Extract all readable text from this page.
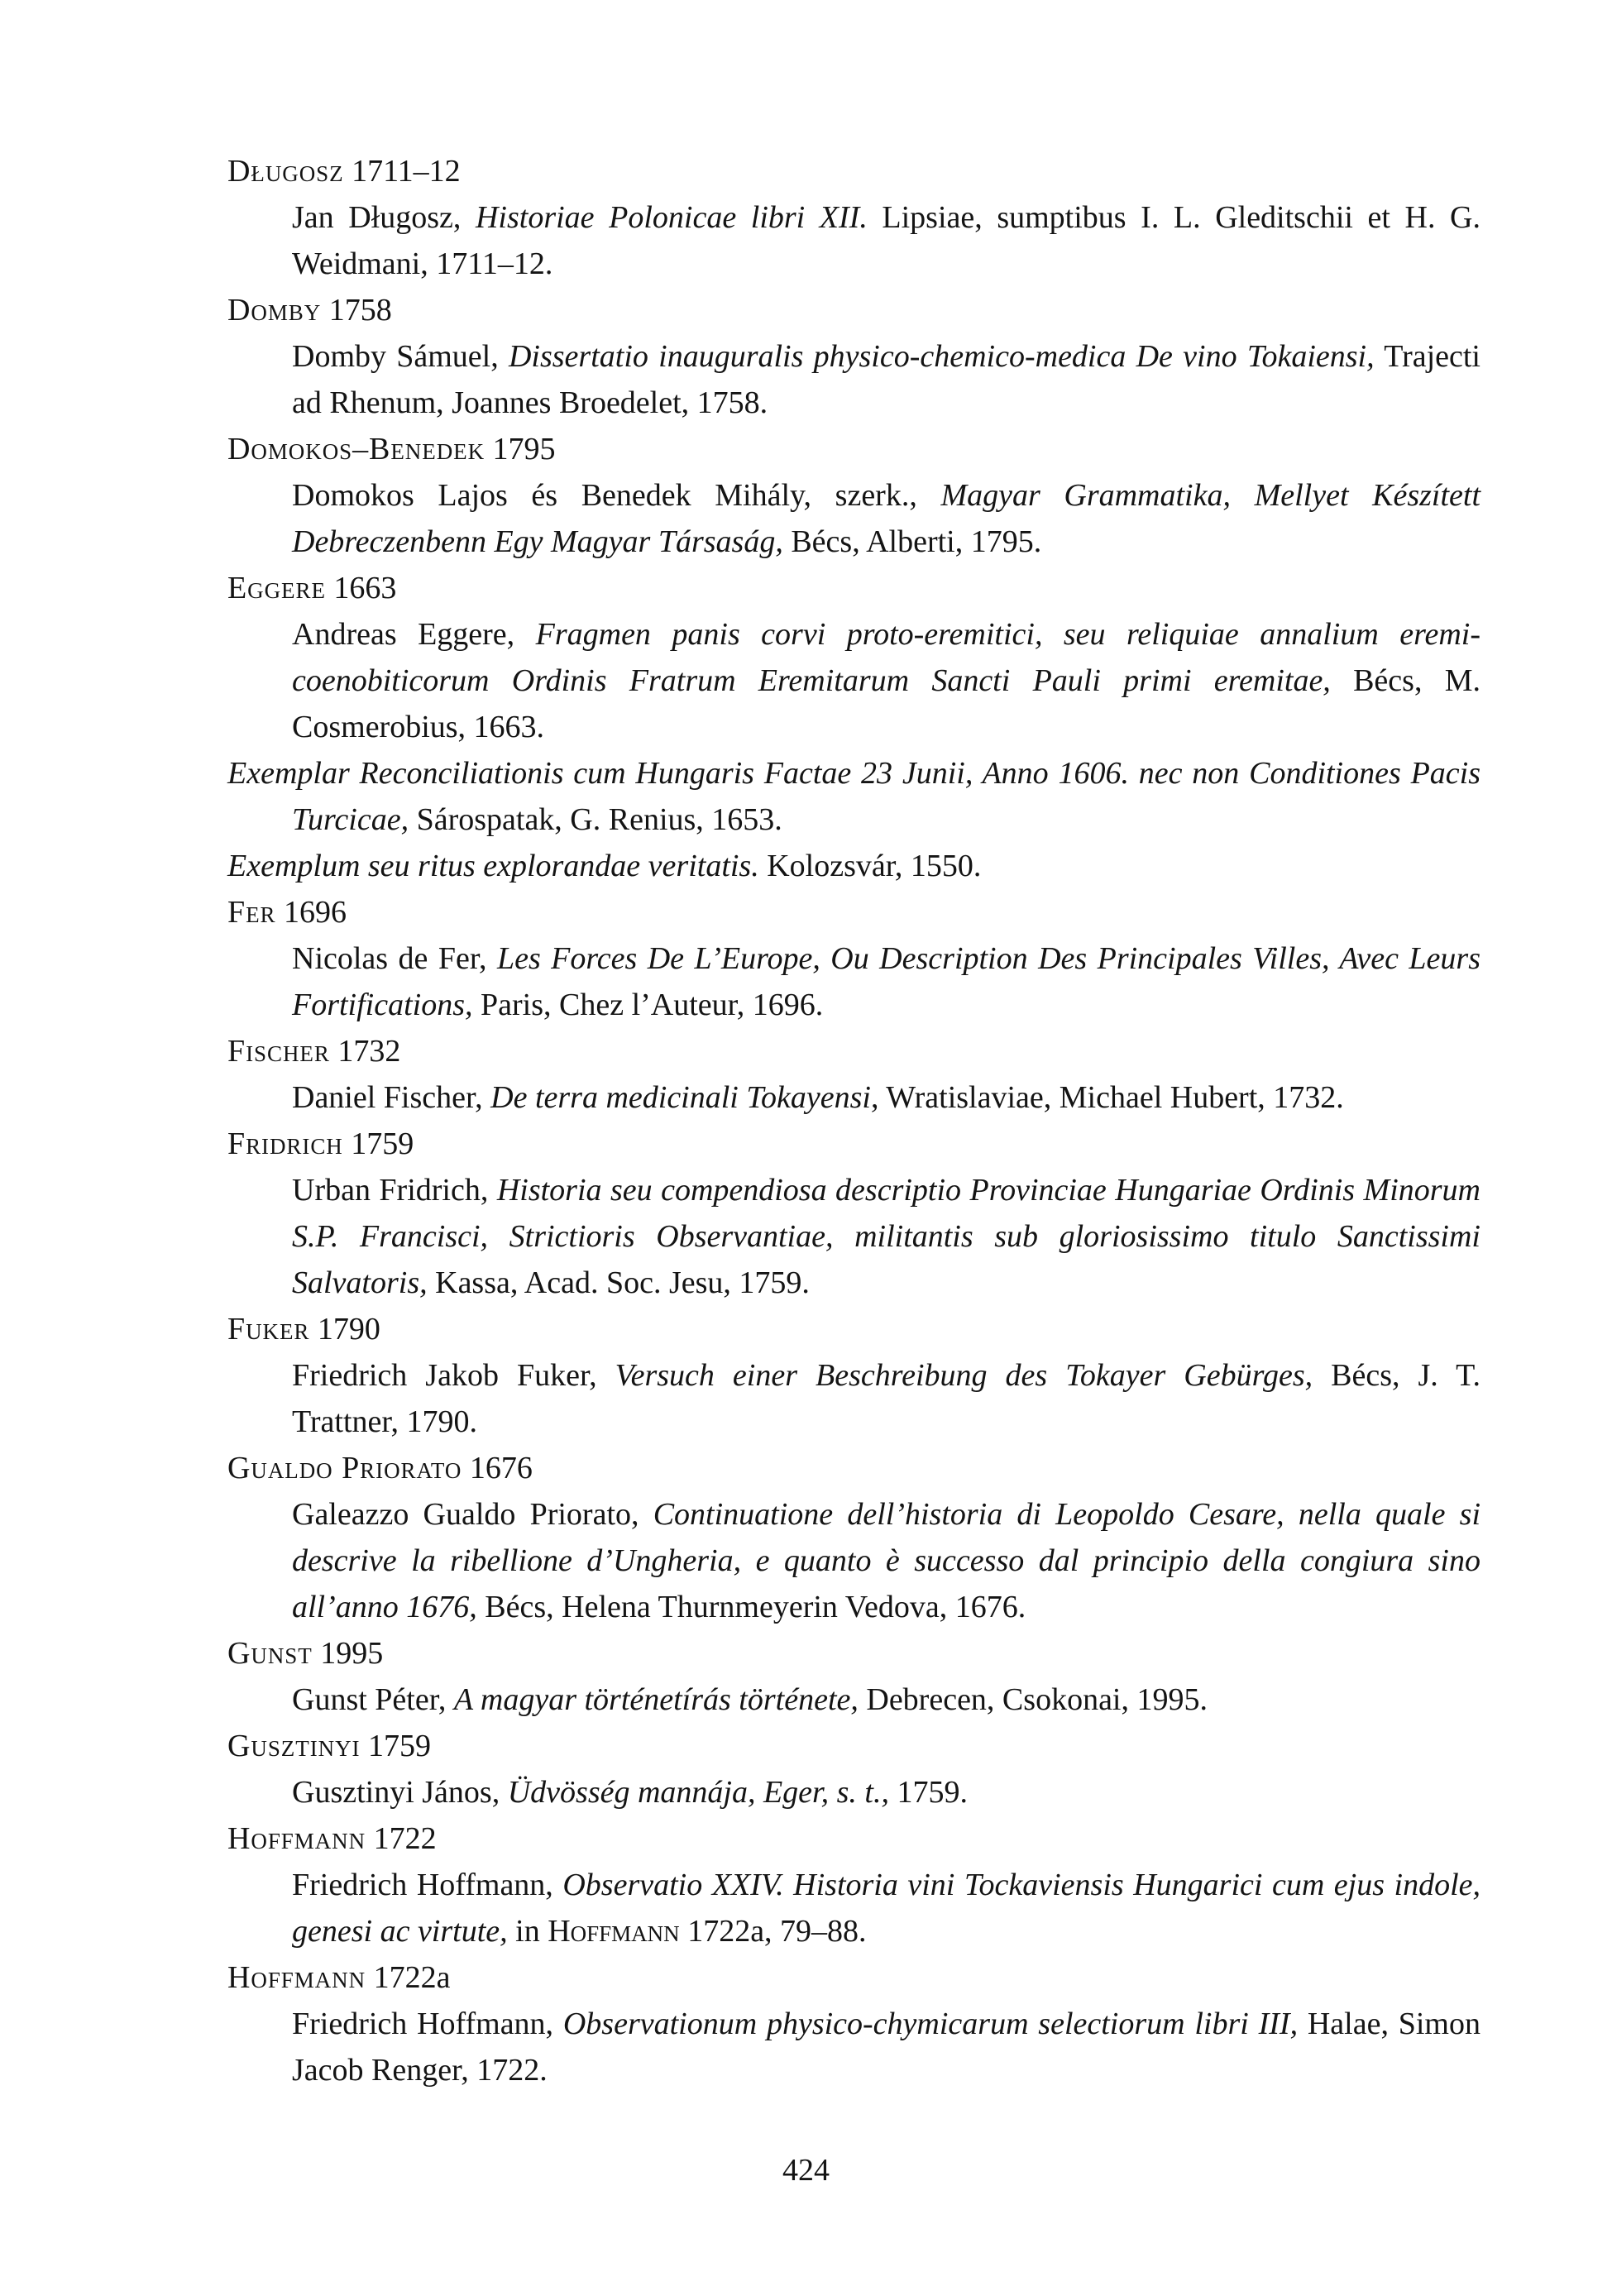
Długosz 1711–12
Jan Długosz, Historiae Polonicae libri XII. Lipsiae, sumptibus I. L. Gleditschii et H. G. Weidmani, 1711–12.
Domby 1758
Domby Sámuel, Dissertatio inauguralis physico-chemico-medica De vino Tokaiensi, Trajecti ad Rhenum, Joannes Broedelet, 1758.
Domokos–Benedek 1795
Domokos Lajos és Benedek Mihály, szerk., Magyar Grammatika, Mellyet Készített Debreczenbenn Egy Magyar Társaság, Bécs, Alberti, 1795.
Eggere 1663
Andreas Eggere, Fragmen panis corvi proto-eremitici, seu reliquiae annalium eremi-coenobiticorum Ordinis Fratrum Eremitarum Sancti Pauli primi eremitae, Bécs, M. Cosmerobius, 1663.
Exemplar Reconciliationis cum Hungaris Factae 23 Junii, Anno 1606. nec non Conditiones Pacis Turcicae, Sárospatak, G. Renius, 1653.
Exemplum seu ritus explorandae veritatis. Kolozsvár, 1550.
Fer 1696
Nicolas de Fer, Les Forces De L’Europe, Ou Description Des Principales Villes, Avec Leurs Fortifications, Paris, Chez l’Auteur, 1696.
Fischer 1732
Daniel Fischer, De terra medicinali Tokayensi, Wratislaviae, Michael Hubert, 1732.
Fridrich 1759
Urban Fridrich, Historia seu compendiosa descriptio Provinciae Hungariae Ordinis Minorum S.P. Francisci, Strictioris Observantiae, militantis sub gloriosissimo titulo Sanctissimi Salvatoris, Kassa, Acad. Soc. Jesu, 1759.
Fuker 1790
Friedrich Jakob Fuker, Versuch einer Beschreibung des Tokayer Gebürges, Bécs, J. T. Trattner, 1790.
Gualdo Priorato 1676
Galeazzo Gualdo Priorato, Continuatione dell’historia di Leopoldo Cesare, nella quale si descrive la ribellione d’Ungheria, e quanto è successo dal principio della congiura sino all’anno 1676, Bécs, Helena Thurnmeyerin Vedova, 1676.
Gunst 1995
Gunst Péter, A magyar történetírás története, Debrecen, Csokonai, 1995.
Gusztinyi 1759
Gusztinyi János, Üdvösség mannája, Eger, s. t., 1759.
Hoffmann 1722
Friedrich Hoffmann, Observatio XXIV. Historia vini Tockaviensis Hungarici cum ejus indole, genesi ac virtute, in Hoffmann 1722a, 79–88.
Hoffmann 1722a
Friedrich Hoffmann, Observationum physico-chymicarum selectiorum libri III, Halae, Simon Jacob Renger, 1722.
424
